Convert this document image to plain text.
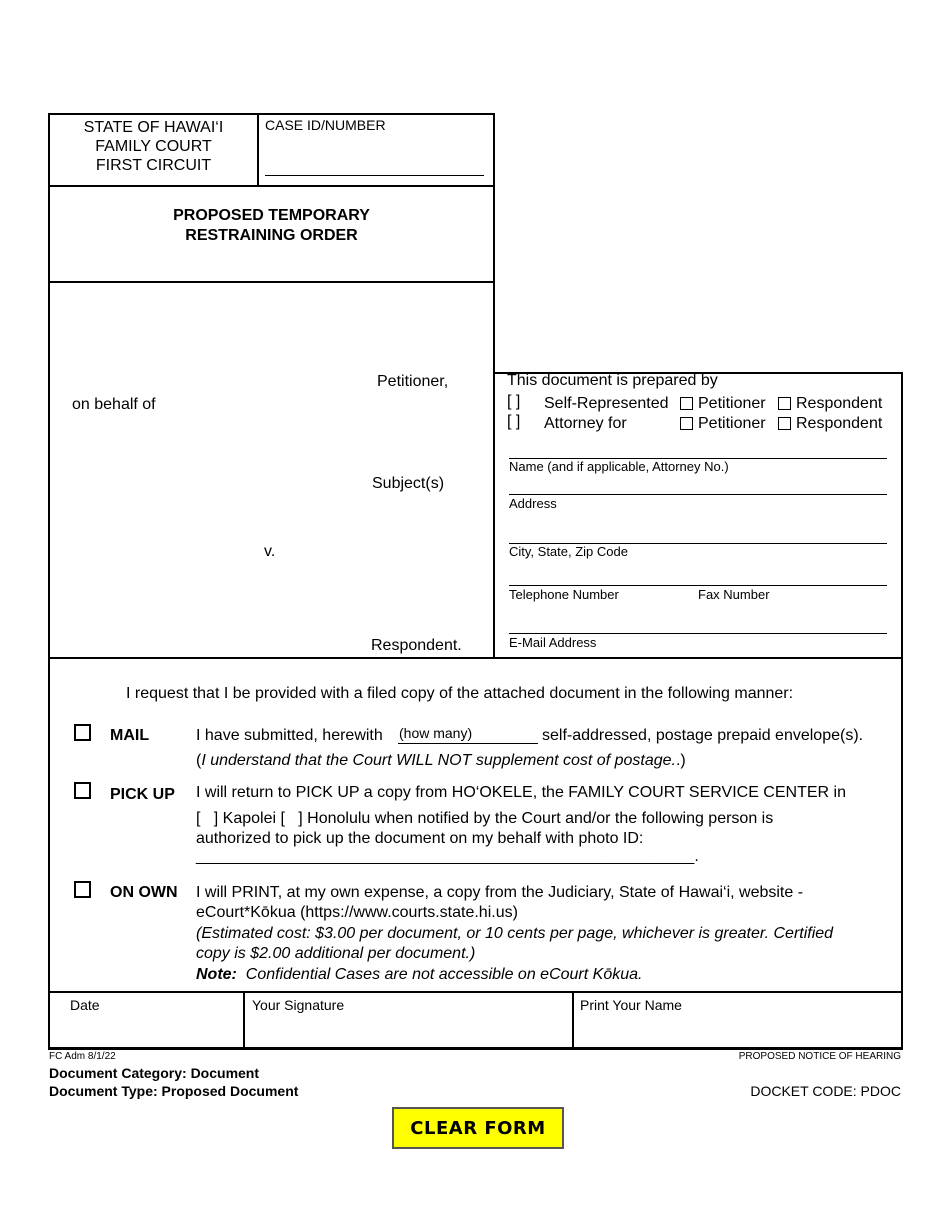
STATE OF HAWAI‘I
FAMILY COURT
FIRST CIRCUIT
CASE ID/NUMBER
PROPOSED TEMPORARY
RESTRAINING ORDER
Petitioner,
on behalf of
Subject(s)
v.
Respondent.
This document is prepared by
[ ] Self-Represented Petitioner Respondent
[ ] Attorney for	Petitioner Respondent
Name (and if applicable, Attorney No.)
Address
City, State, Zip Code
Telephone Number	Fax Number
E-Mail Address
I request that I be provided with a filed copy of the attached document in the following manner:
MAIL	I have submitted, herewith (how many)	self-addressed, postage prepaid envelope(s).
(I understand that the Court WILL NOT supplement cost of postage..)
PICK UP I will return to PICK UP a copy from HO‘OKELE, the FAMILY COURT SERVICE CENTER in
[   ] Kapolei [   ] Honolulu when notified by the Court and/or the following person is
authorized to pick up the document on my behalf with photo ID:
________________________________________________________.
ON OWN I will PRINT, at my own expense, a copy from the Judiciary, State of Hawai‘i, website -
eCourt*Kōkua (https://www.courts.state.hi.us)
(Estimated cost: $3.00 per document, or 10 cents per page, whichever is greater. Certified
copy is $2.00 additional per document.)
Note: Confidential Cases are not accessible on eCourt Kōkua.
Date	Your Signature	Print Your Name
FC Adm 8/1/22	PROPOSED NOTICE OF HEARING
Document Category: Document
Document Type: Proposed Document	DOCKET CODE: PDOC
CLEAR FORM
